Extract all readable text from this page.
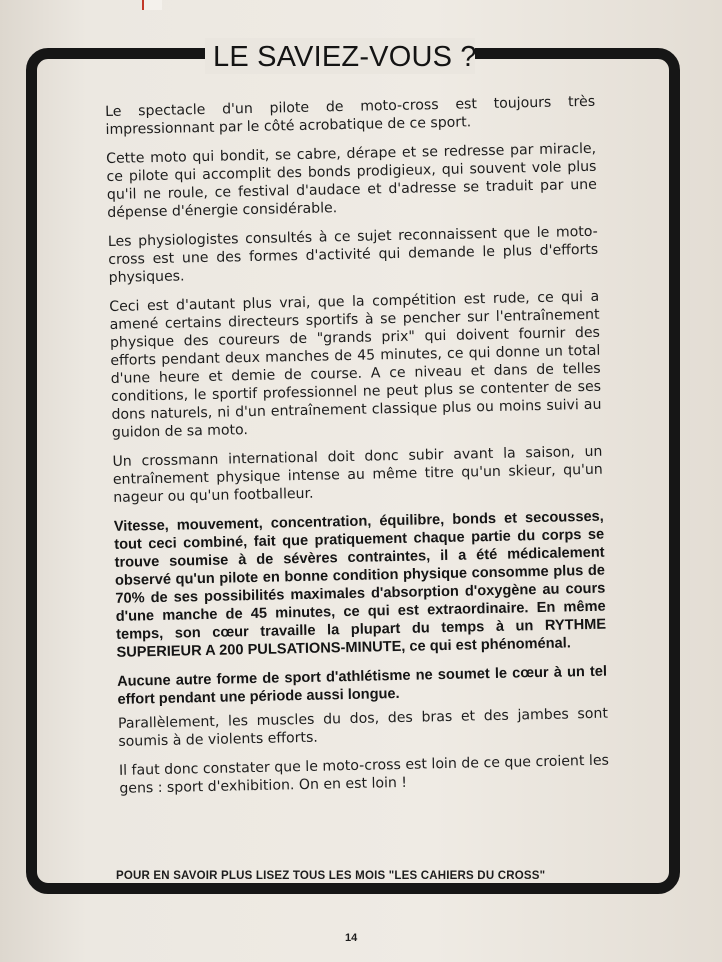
LE SAVIEZ-VOUS ?

Le spectacle d'un pilote de moto-cross est toujours très impressionnant par le côté acrobatique de ce sport.

Cette moto qui bondit, se cabre, dérape et se redresse par miracle, ce pilote qui accomplit des bonds prodigieux, qui souvent vole plus qu'il ne roule, ce festival d'audace et d'adresse se traduit par une dépense d'énergie considérable.

Les physiologistes consultés à ce sujet reconnaissent que le moto-cross est une des formes d'activité qui demande le plus d'efforts physiques.

Ceci est d'autant plus vrai, que la compétition est rude, ce qui a amené certains directeurs sportifs à se pencher sur l'entraînement physique des coureurs de "grands prix" qui doivent fournir des efforts pendant deux manches de 45 minutes, ce qui donne un total d'une heure et demie de course. A ce niveau et dans de telles conditions, le sportif professionnel ne peut plus se contenter de ses dons naturels, ni d'un entraînement classique plus ou moins suivi au guidon de sa moto.

Un crossmann international doit donc subir avant la saison, un entraînement physique intense au même titre qu'un skieur, qu'un nageur ou qu'un footballeur.

Vitesse, mouvement, concentration, équilibre, bonds et secousses, tout ceci combiné, fait que pratiquement chaque partie du corps se trouve soumise à de sévères contraintes, il a été médicalement observé qu'un pilote en bonne condition physique consomme plus de 70% de ses possibilités maximales d'absorption d'oxygène au cours d'une manche de 45 minutes, ce qui est extraordinaire. En même temps, son cœur travaille la plupart du temps à un RYTHME SUPERIEUR A 200 PULSATIONS-MINUTE, ce qui est phénoménal.

Aucune autre forme de sport d'athlétisme ne soumet le cœur à un tel effort pendant une période aussi longue.

Parallèlement, les muscles du dos, des bras et des jambes sont soumis à de violents efforts.

Il faut donc constater que le moto-cross est loin de ce que croient les gens : sport d'exhibition. On en est loin !

POUR EN SAVOIR PLUS LISEZ TOUS LES MOIS "LES CAHIERS DU CROSS"
14
